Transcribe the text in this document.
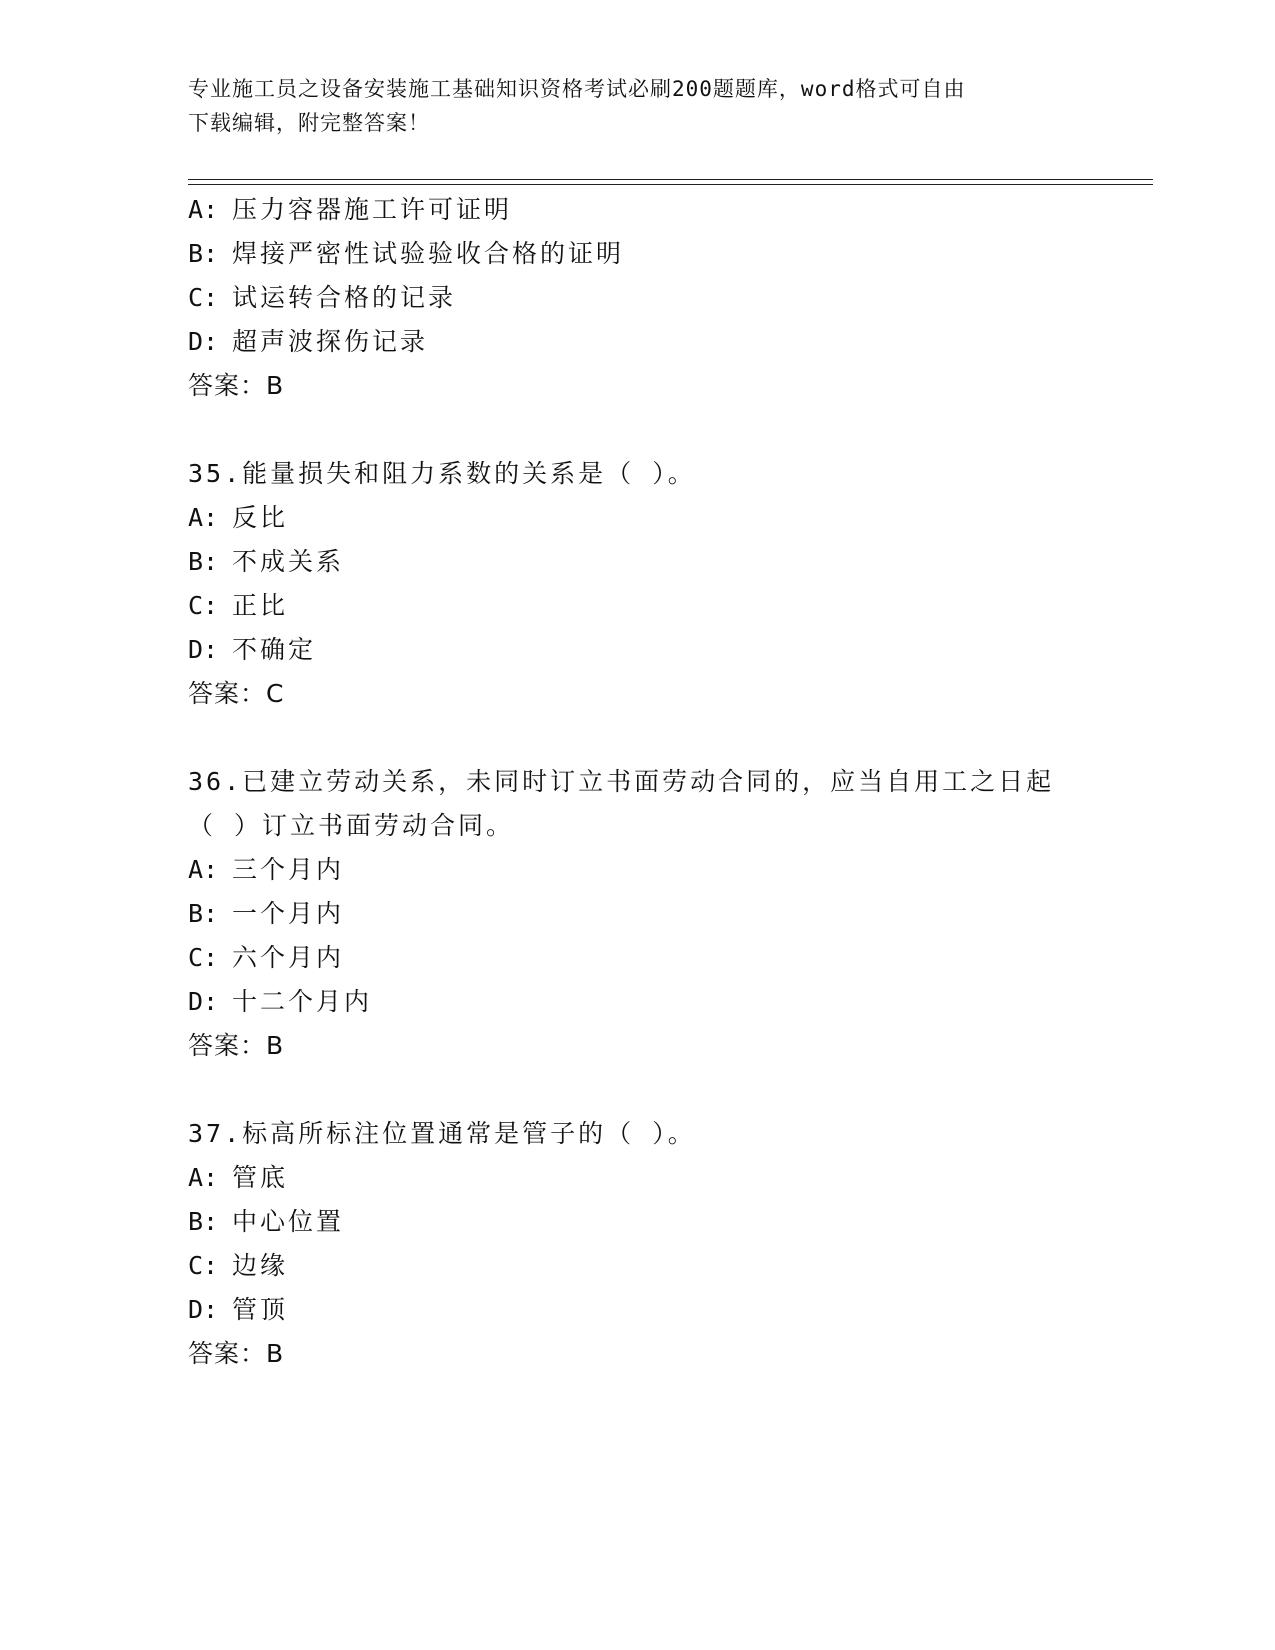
专业施工员之设备安装施工基础知识资格考试必刷200题题库，word格式可自由
下载编辑，附完整答案！
A: 压力容器施工许可证明
B: 焊接严密性试验验收合格的证明
C: 试运转合格的记录
D: 超声波探伤记录
答案：B
35.能量损失和阻力系数的关系是（ ）。
A: 反比
B: 不成关系
C: 正比
D: 不确定
答案：C
36.已建立劳动关系，未同时订立书面劳动合同的，应当自用工之日起
（ ）订立书面劳动合同。
A: 三个月内
B: 一个月内
C: 六个月内
D: 十二个月内
答案：B
37.标高所标注位置通常是管子的（ ）。
A: 管底
B: 中心位置
C: 边缘
D: 管顶
答案：B
